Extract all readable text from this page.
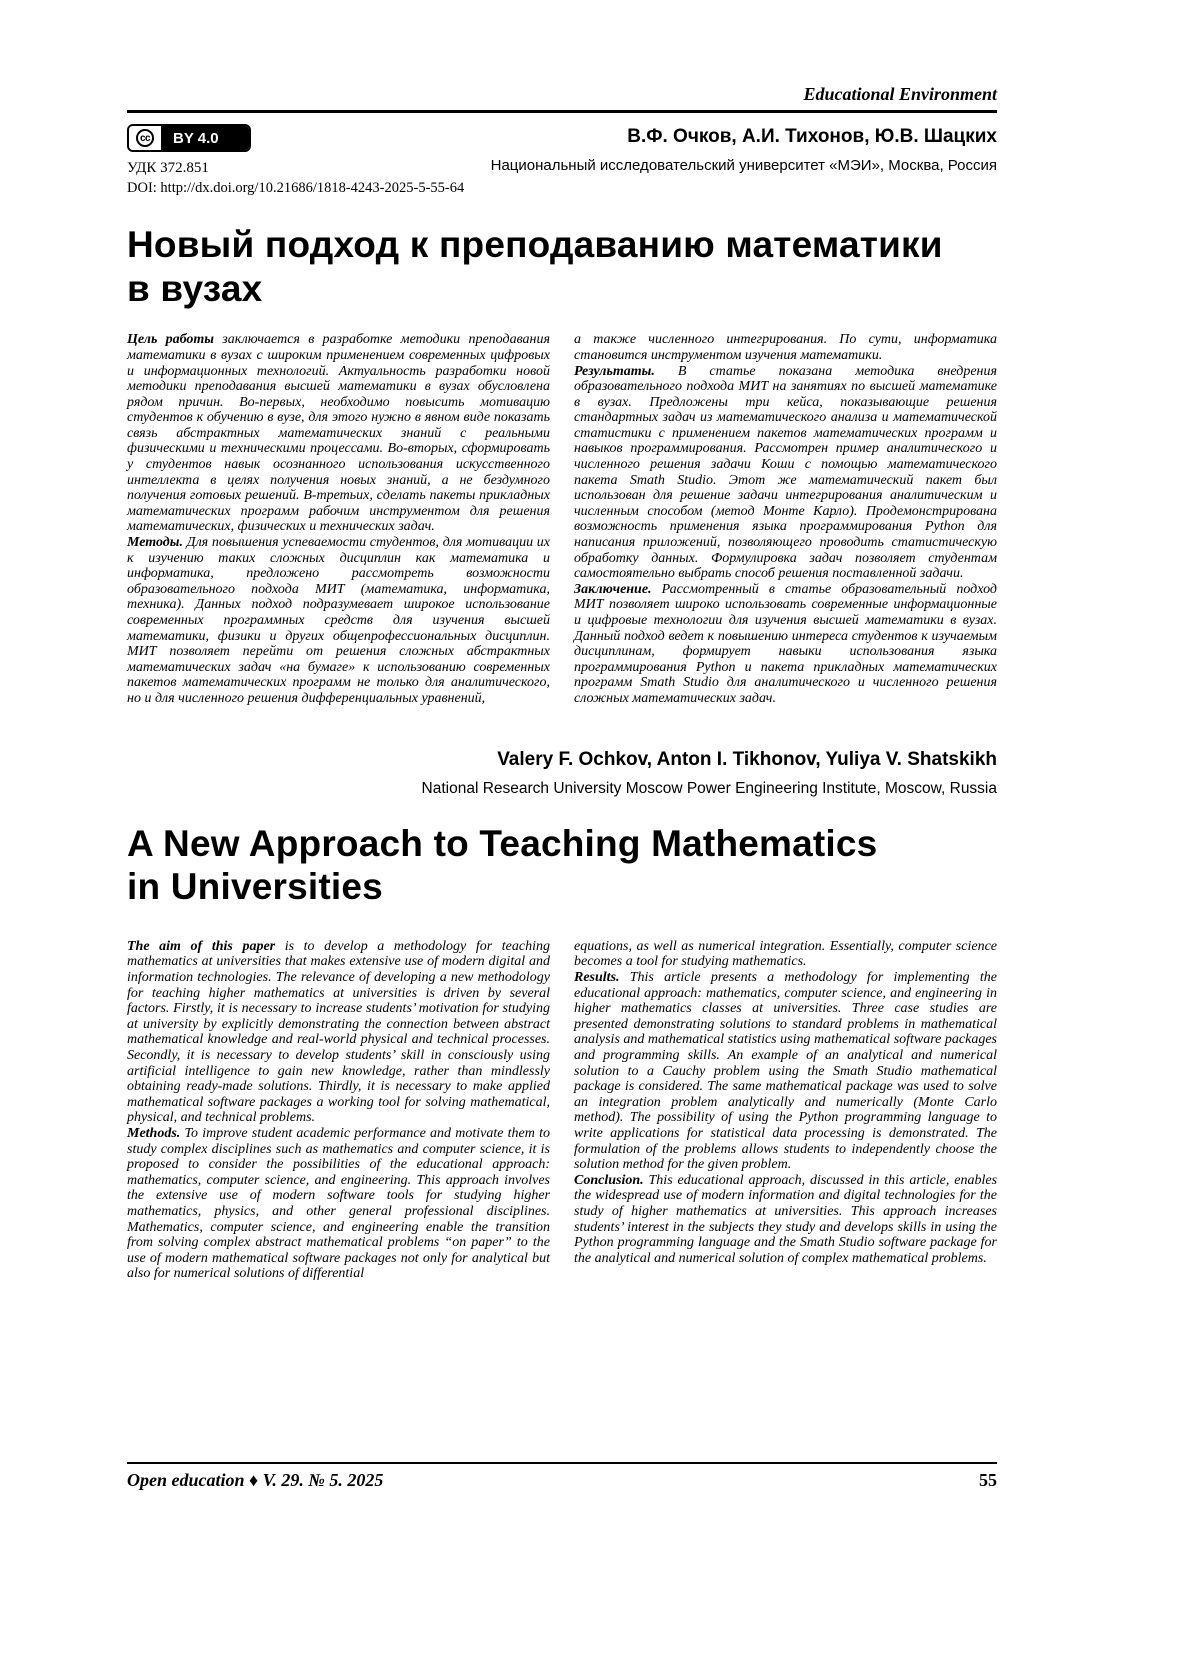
Educational Environment
cc	BY 4.0
УДК 372.851
DOI: http://dx.doi.org/10.21686/1818-4243-2025-5-55-64
В.Ф. Очков, А.И. Тихонов, Ю.В. Шацких
Национальный исследовательский университет «МЭИ», Москва, Россия
Новый подход к преподаванию математики
в вузах

Цель работы заключается в разработке методики преподавания математики в вузах с широким применением современных цифровых и информационных технологий. Актуальность разработки новой методики преподавания высшей математики в вузах обусловлена рядом причин. Во-первых, необходимо повысить мотивацию студентов к обучению в вузе, для этого нужно в явном виде показать связь абстрактных математических знаний с реальными физическими и техническими процессами. Во-вторых, сформировать у студентов навык осознанного использования искусственного интеллекта в целях получения новых знаний, а не бездумного получения готовых решений. В-третьих, сделать пакеты прикладных математических программ рабочим инструментом для решения математических, физических и технических задач.

Методы. Для повышения успеваемости студентов, для мотивации их к изучению таких сложных дисциплин как математика и информатика, предложено рассмотреть возможности образовательного подхода МИТ (математика, информатика, техника). Данных подход подразумевает широкое использование современных программных средств для изучения высшей математики, физики и других общепрофессиональных дисциплин. МИТ позволяет перейти от решения сложных абстрактных математических задач «на бумаге» к использованию современных пакетов математических программ не только для аналитического, но и для численного решения дифференциальных уравнений,

а также численного интегрирования. По сути, информатика становится инструментом изучения математики.

Результаты. В статье показана методика внедрения образовательного подхода МИТ на занятиях по высшей математике в вузах. Предложены три кейса, показывающие решения стандартных задач из математического анализа и математической статистики с применением пакетов математических программ и навыков программирования. Рассмотрен пример аналитического и численного решения задачи Коши с помощью математического пакета Smath Studio. Этот же математический пакет был использован для решение задачи интегрирования аналитическим и численным способом (метод Монте Карло). Продемонстрирована возможность применения языка программирования Python для написания приложений, позволяющего проводить статистическую обработку данных. Формулировка задач позволяет студентам самостоятельно выбрать способ решения поставленной задачи.

Заключение. Рассмотренный в статье образовательный подход МИТ позволяет широко использовать современные информационные и цифровые технологии для изучения высшей математики в вузах. Данный подход ведет к повышению интереса студентов к изучаемым дисциплинам, формирует навыки использования языка программирования Python и пакета прикладных математических программ Smath Studio для аналитического и численного решения сложных математических задач.

Valery F. Ochkov, Anton I. Tikhonov, Yuliya V. Shatskikh
National Research University Moscow Power Engineering Institute, Moscow, Russia
A New Approach to Teaching Mathematics
in Universities

The aim of this paper is to develop a methodology for teaching mathematics at universities that makes extensive use of modern digital and information technologies. The relevance of developing a new methodology for teaching higher mathematics at universities is driven by several factors. Firstly, it is necessary to increase students’ motivation for studying at university by explicitly demonstrating the connection between abstract mathematical knowledge and real-world physical and technical processes. Secondly, it is necessary to develop students’ skill in consciously using artificial intelligence to gain new knowledge, rather than mindlessly obtaining ready-made solutions. Thirdly, it is necessary to make applied mathematical software packages a working tool for solving mathematical, physical, and technical problems.

Methods. To improve student academic performance and motivate them to study complex disciplines such as mathematics and computer science, it is proposed to consider the possibilities of the educational approach: mathematics, computer science, and engineering. This approach involves the extensive use of modern software tools for studying higher mathematics, physics, and other general professional disciplines. Mathematics, computer science, and engineering enable the transition from solving complex abstract mathematical problems “on paper” to the use of modern mathematical software packages not only for analytical but also for numerical solutions of differential

equations, as well as numerical integration. Essentially, computer science becomes a tool for studying mathematics.

Results. This article presents a methodology for implementing the educational approach: mathematics, computer science, and engineering in higher mathematics classes at universities. Three case studies are presented demonstrating solutions to standard problems in mathematical analysis and mathematical statistics using mathematical software packages and programming skills. An example of an analytical and numerical solution to a Cauchy problem using the Smath Studio mathematical package is considered. The same mathematical package was used to solve an integration problem analytically and numerically (Monte Carlo method). The possibility of using the Python programming language to write applications for statistical data processing is demonstrated. The formulation of the problems allows students to independently choose the solution method for the given problem.

Conclusion. This educational approach, discussed in this article, enables the widespread use of modern information and digital technologies for the study of higher mathematics at universities. This approach increases students’ interest in the subjects they study and develops skills in using the Python programming language and the Smath Studio software package for the analytical and numerical solution of complex mathematical problems.

Open education ♦ V. 29. № 5. 2025	55
